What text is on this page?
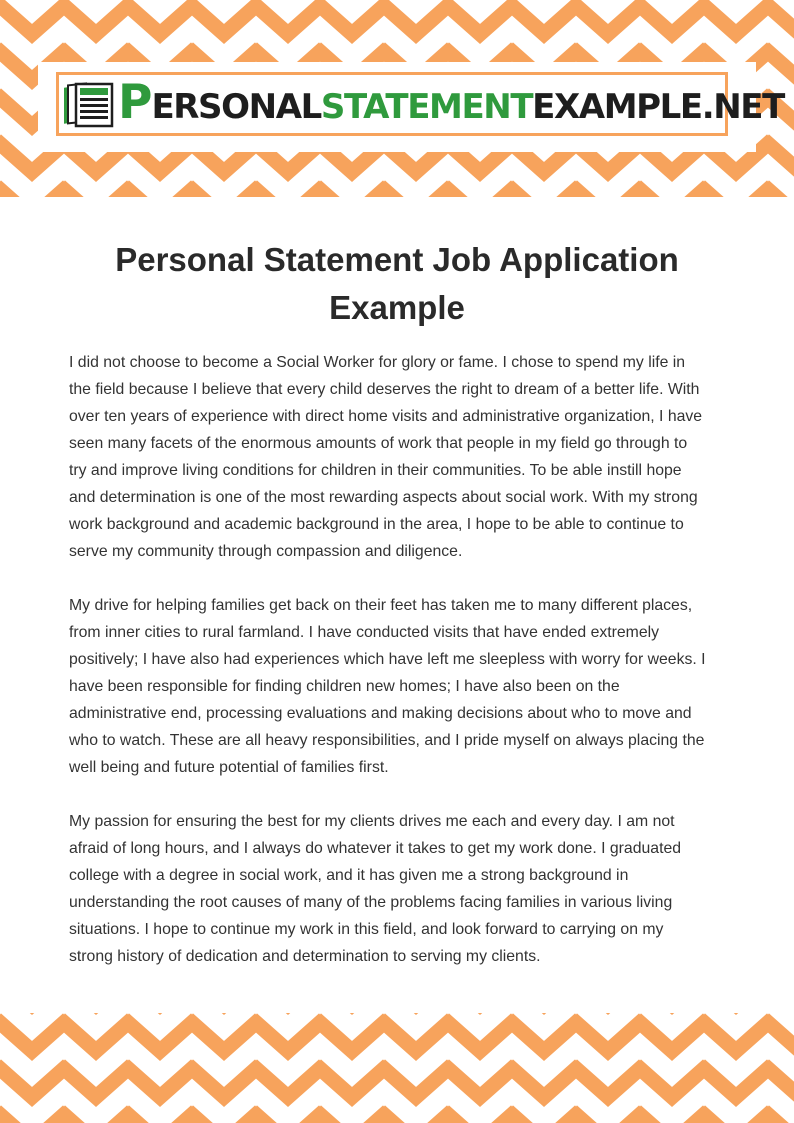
PERSONALSTATEMENTEXAMPLE.NET
Personal Statement Job Application
Example

I did not choose to become a Social Worker for glory or fame. I chose to spend my life in
the field because I believe that every child deserves the right to dream of a better life. With
over ten years of experience with direct home visits and administrative organization, I have
seen many facets of the enormous amounts of work that people in my field go through to
try and improve living conditions for children in their communities. To be able instill hope
and determination is one of the most rewarding aspects about social work. With my strong
work background and academic background in the area, I hope to be able to continue to
serve my community through compassion and diligence.

My drive for helping families get back on their feet has taken me to many different places,
from inner cities to rural farmland. I have conducted visits that have ended extremely
positively; I have also had experiences which have left me sleepless with worry for weeks. I
have been responsible for finding children new homes; I have also been on the
administrative end, processing evaluations and making decisions about who to move and
who to watch. These are all heavy responsibilities, and I pride myself on always placing the
well being and future potential of families first.

My passion for ensuring the best for my clients drives me each and every day. I am not
afraid of long hours, and I always do whatever it takes to get my work done. I graduated
college with a degree in social work, and it has given me a strong background in
understanding the root causes of many of the problems facing families in various living
situations. I hope to continue my work in this field, and look forward to carrying on my
strong history of dedication and determination to serving my clients.
